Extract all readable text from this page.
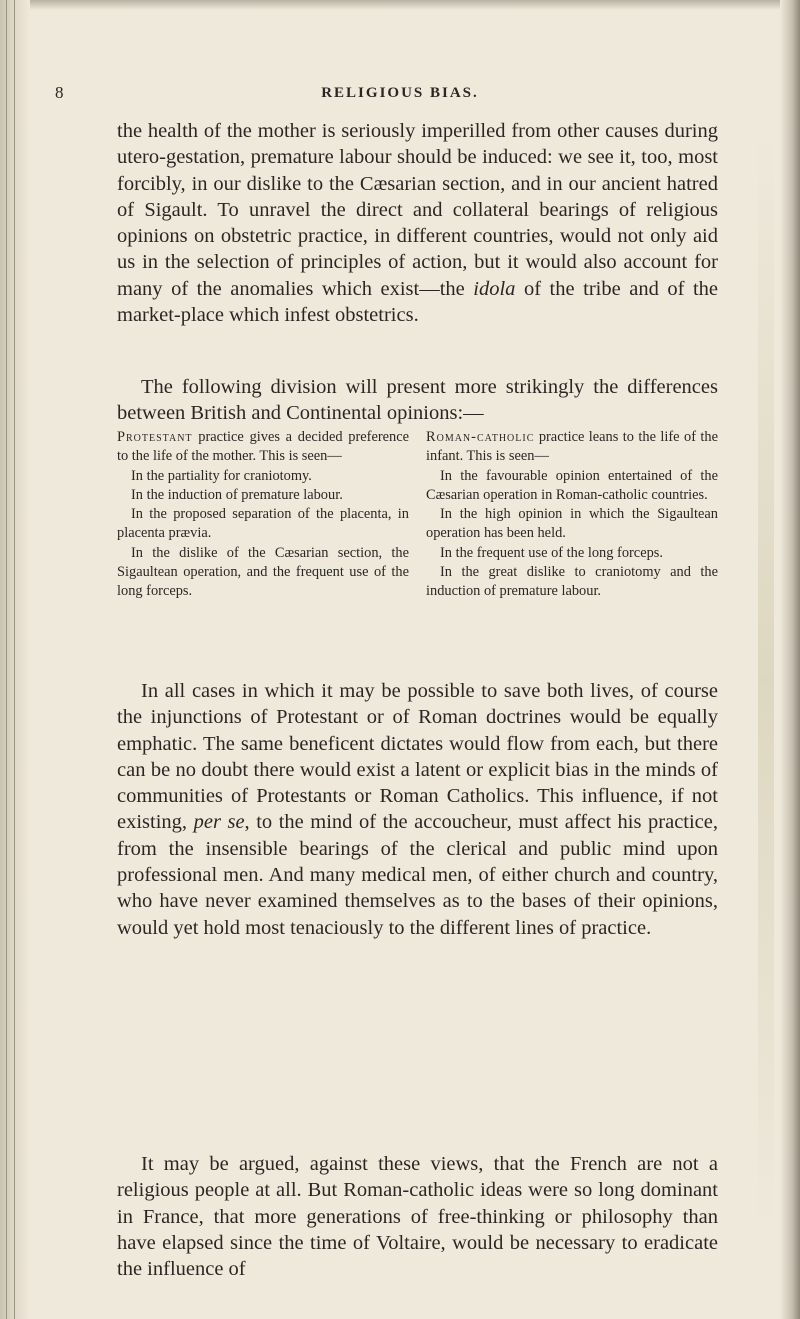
8	RELIGIOUS BIAS.

the health of the mother is seriously imperilled from other causes during utero-gestation, premature labour should be induced: we see it, too, most forcibly, in our dislike to the Cæsarian section, and in our ancient hatred of Sigault. To unravel the direct and collateral bearings of religious opinions on obstetric practice, in different countries, would not only aid us in the selection of principles of action, but it would also account for many of the anomalies which exist—the idola of the tribe and of the market-place which infest obstetrics.

The following division will present more strikingly the differences between British and Continental opinions:—

Protestant practice gives a decided preference to the life of the mother. This is seen—

In the partiality for craniotomy.

In the induction of premature labour.

In the proposed separation of the placenta, in placenta prævia.

In the dislike of the Cæsarian section, the Sigaultean operation, and the frequent use of the long forceps.

Roman-catholic practice leans to the life of the infant. This is seen—

In the favourable opinion entertained of the Cæsarian operation in Roman-catholic countries.

In the high opinion in which the Sigaultean operation has been held.

In the frequent use of the long forceps.

In the great dislike to craniotomy and the induction of premature labour.

In all cases in which it may be possible to save both lives, of course the injunctions of Protestant or of Roman doctrines would be equally emphatic. The same beneficent dictates would flow from each, but there can be no doubt there would exist a latent or explicit bias in the minds of communities of Protestants or Roman Catholics. This influence, if not existing, per se, to the mind of the accoucheur, must affect his practice, from the insensible bearings of the clerical and public mind upon professional men. And many medical men, of either church and country, who have never examined themselves as to the bases of their opinions, would yet hold most tenaciously to the different lines of practice.

It may be argued, against these views, that the French are not a religious people at all. But Roman-catholic ideas were so long dominant in France, that more generations of free-thinking or philosophy than have elapsed since the time of Voltaire, would be necessary to eradicate the influence of
